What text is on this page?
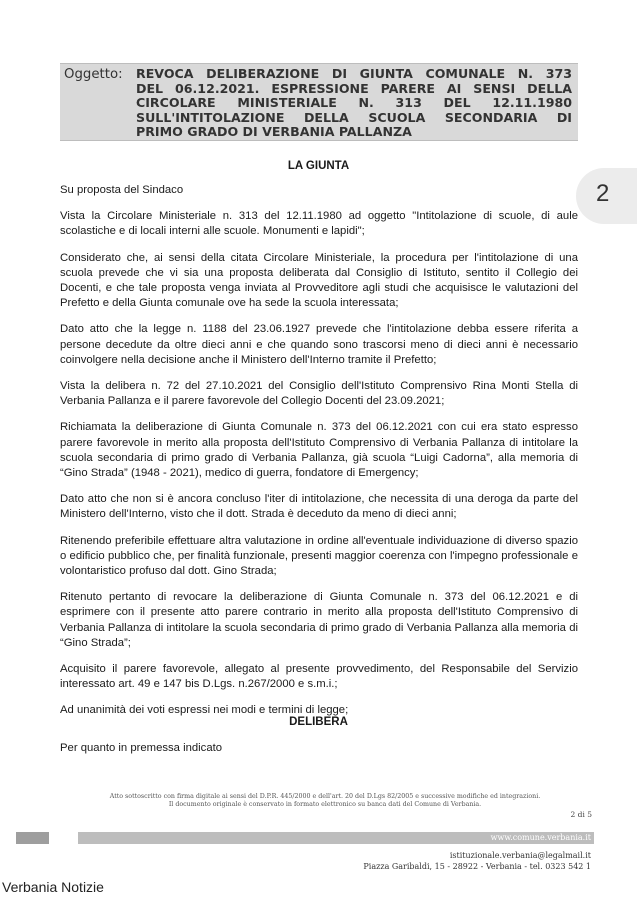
Oggetto: REVOCA DELIBERAZIONE DI GIUNTA COMUNALE N. 373
DEL 06.12.2021. ESPRESSIONE PARERE AI SENSI DELLA
CIRCOLARE MINISTERIALE N. 313 DEL 12.11.1980
SULL'INTITOLAZIONE DELLA SCUOLA SECONDARIA DI
PRIMO GRADO DI VERBANIA PALLANZA
2
LA GIUNTA

Su proposta del Sindaco

Vista la Circolare Ministeriale n. 313 del 12.11.1980 ad oggetto "Intitolazione di scuole, di aule scolastiche e di locali interni alle scuole. Monumenti e lapidi";

Considerato che, ai sensi della citata Circolare Ministeriale, la procedura per l'intitolazione di una scuola prevede che vi sia una proposta deliberata dal Consiglio di Istituto, sentito il Collegio dei Docenti, e che tale proposta venga inviata al Provveditore agli studi che acquisisce le valutazioni del Prefetto e della Giunta comunale ove ha sede la scuola interessata;

Dato atto che la legge n. 1188 del 23.06.1927 prevede che l'intitolazione debba essere riferita a persone decedute da oltre dieci anni e che quando sono trascorsi meno di dieci anni è necessario coinvolgere nella decisione anche il Ministero dell'Interno tramite il Prefetto;

Vista la delibera n. 72 del 27.10.2021 del Consiglio dell'Istituto Comprensivo Rina Monti Stella di Verbania Pallanza e il parere favorevole del Collegio Docenti del 23.09.2021;

Richiamata la deliberazione di Giunta Comunale n. 373 del 06.12.2021 con cui era stato espresso parere favorevole in merito alla proposta dell'Istituto Comprensivo di Verbania Pallanza di intitolare la scuola secondaria di primo grado di Verbania Pallanza, già scuola “Luigi Cadorna”, alla memoria di “Gino Strada” (1948 - 2021), medico di guerra, fondatore di Emergency;

Dato atto che non si è ancora concluso l'iter di intitolazione, che necessita di una deroga da parte del Ministero dell'Interno, visto che il dott. Strada è deceduto da meno di dieci anni;

Ritenendo preferibile effettuare altra valutazione in ordine all'eventuale individuazione di diverso spazio o edificio pubblico che, per finalità funzionale, presenti maggior coerenza con l'impegno professionale e volontaristico profuso dal dott. Gino Strada;

Ritenuto pertanto di revocare la deliberazione di Giunta Comunale n. 373 del 06.12.2021 e di esprimere con il presente atto parere contrario in merito alla proposta dell'Istituto Comprensivo di Verbania Pallanza di intitolare la scuola secondaria di primo grado di Verbania Pallanza alla memoria di “Gino Strada”;

Acquisito il parere favorevole, allegato al presente provvedimento, del Responsabile del Servizio interessato art. 49 e 147 bis D.Lgs. n.267/2000 e s.m.i.;

Ad unanimità dei voti espressi nei modi e termini di legge;

DELIBERA
Per quanto in premessa indicato
Atto sottoscritto con firma digitale ai sensi del D.P.R. 445/2000 e dell'art. 20 del D.Lgs 82/2005 e successive modifiche ed integrazioni.
Il documento originale è conservato in formato elettronico su banca dati del Comune di Verbania.
2 di 5
www.comune.verbania.it
istituzionale.verbania@legalmail.it
Piazza Garibaldi, 15 - 28922 - Verbania - tel. 0323 542 1
Verbania Notizie
